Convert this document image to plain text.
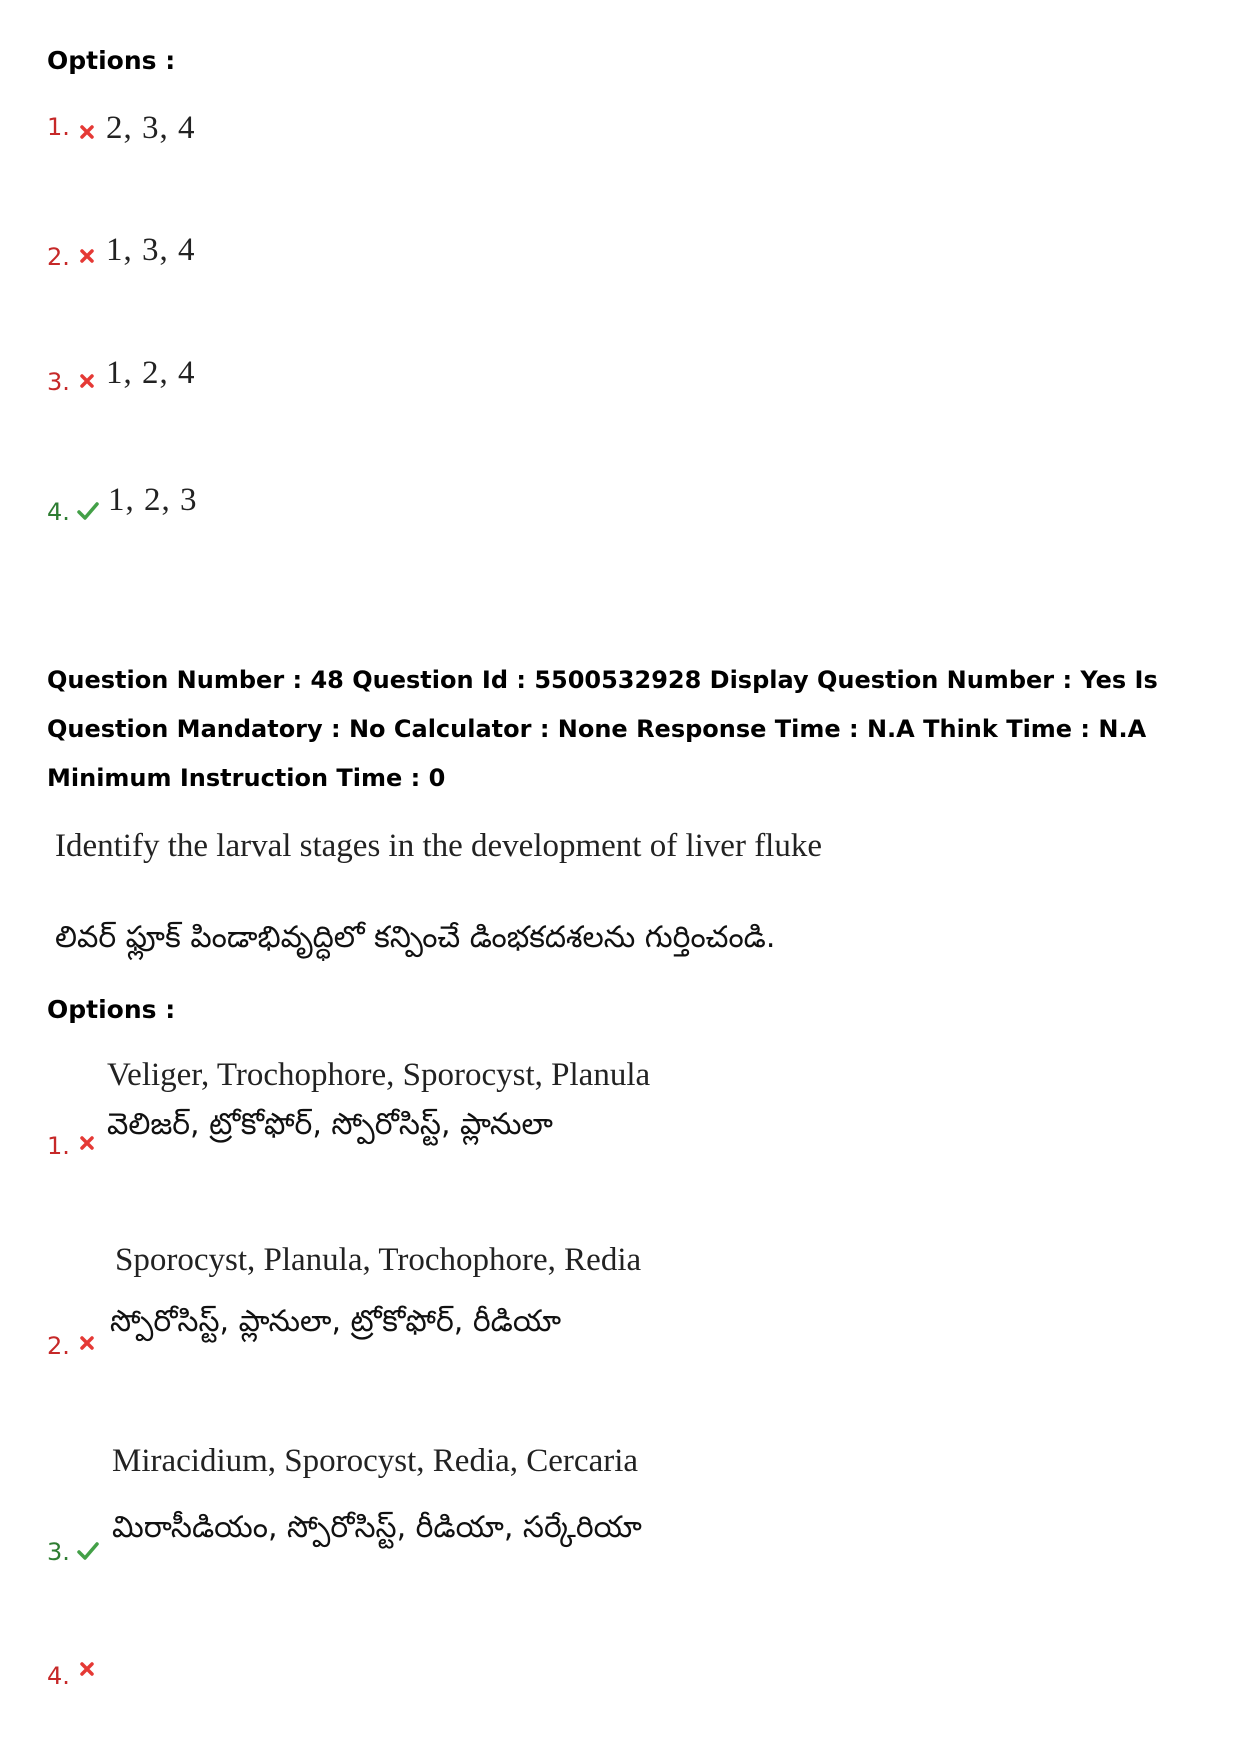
Options :
1. 2, 3, 4
2. 1, 3, 4
3. 1, 2, 4
4. 1, 2, 3
Question Number : 48 Question Id : 5500532928 Display Question Number : Yes Is Question Mandatory : No Calculator : None Response Time : N.A Think Time : N.A Minimum Instruction Time : 0
Identify the larval stages in the development of liver fluke
లివర్ ఫ్లూక్ పిండాభివృద్ధిలో కన్పించే డింభకదశలను గుర్తించండి.
Options :
Veliger, Trochophore, Sporocyst, Planula
వెలిజర్, ట్రోకోఫోర్, స్పోరోసిస్ట్, ప్లానులా
1.
Sporocyst, Planula, Trochophore, Redia
స్పోరోసిస్ట్, ప్లానులా, ట్రోకోఫోర్, రీడియా
2.
Miracidium, Sporocyst, Redia, Cercaria
మిరాసీడియం, స్పోరోసిస్ట్, రీడియా, సర్కేరియా
3.
4.
